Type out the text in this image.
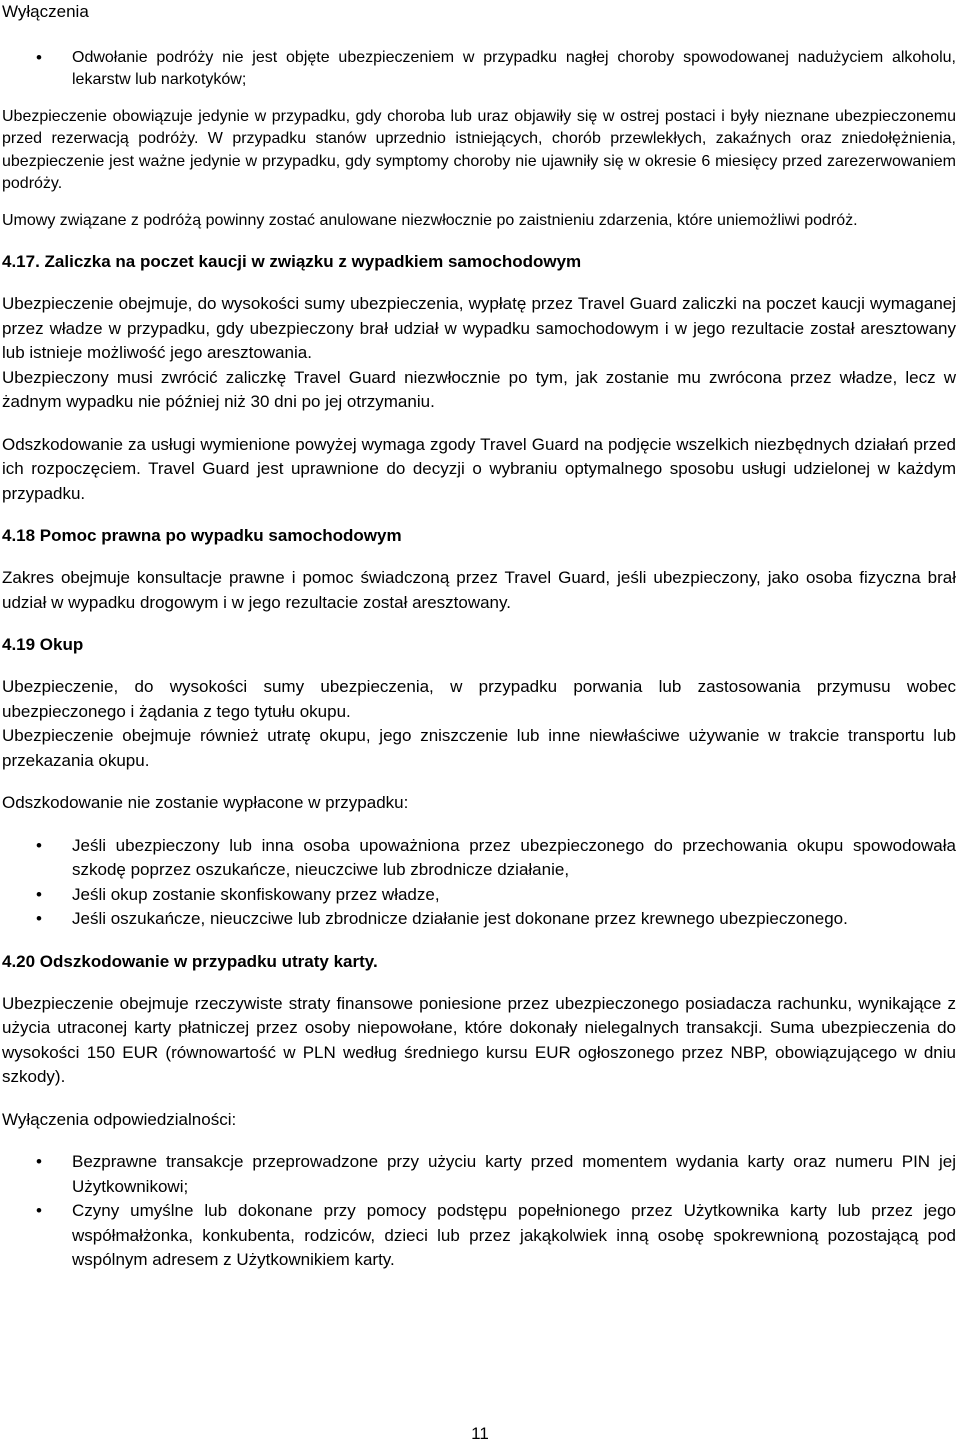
Wyłączenia
• Odwołanie podróży nie jest objęte ubezpieczeniem w przypadku nagłej choroby spowodowanej nadużyciem alkoholu, lekarstw lub narkotyków;

Ubezpieczenie obowiązuje jedynie w przypadku, gdy choroba lub uraz objawiły się w ostrej postaci i były nieznane ubezpieczonemu przed rezerwacją podróży. W przypadku stanów uprzednio istniejących, chorób przewlekłych, zakaźnych oraz zniedołężnienia, ubezpieczenie jest ważne jedynie w przypadku, gdy symptomy choroby nie ujawniły się w okresie 6 miesięcy przed zarezerwowaniem podróży.

Umowy związane z podróżą powinny zostać anulowane niezwłocznie po zaistnieniu zdarzenia, które uniemożliwi podróż.

4.17. Zaliczka na poczet kaucji w związku z wypadkiem samochodowym

Ubezpieczenie obejmuje, do wysokości sumy ubezpieczenia, wypłatę przez Travel Guard zaliczki na poczet kaucji wymaganej przez władze w przypadku, gdy ubezpieczony brał udział w wypadku samochodowym i w jego rezultacie został aresztowany lub istnieje możliwość jego aresztowania.

Ubezpieczony musi zwrócić zaliczkę Travel Guard niezwłocznie po tym, jak zostanie mu zwrócona przez władze, lecz w żadnym wypadku nie później niż 30 dni po jej otrzymaniu.

Odszkodowanie za usługi wymienione powyżej wymaga zgody Travel Guard na podjęcie wszelkich niezbędnych działań przed ich rozpoczęciem. Travel Guard jest uprawnione do decyzji o wybraniu optymalnego sposobu usługi udzielonej w każdym przypadku.

4.18 Pomoc prawna po wypadku samochodowym

Zakres obejmuje konsultacje prawne i pomoc świadczoną przez Travel Guard, jeśli ubezpieczony, jako osoba fizyczna brał udział w wypadku drogowym i w jego rezultacie został aresztowany.

4.19 Okup

Ubezpieczenie, do wysokości sumy ubezpieczenia, w przypadku porwania lub zastosowania przymusu wobec ubezpieczonego i żądania z tego tytułu okupu.

Ubezpieczenie obejmuje również utratę okupu, jego zniszczenie lub inne niewłaściwe używanie w trakcie transportu lub przekazania okupu.

Odszkodowanie nie zostanie wypłacone w przypadku:

• Jeśli ubezpieczony lub inna osoba upoważniona przez ubezpieczonego do przechowania okupu spowodowała szkodę poprzez oszukańcze, nieuczciwe lub zbrodnicze działanie,
• Jeśli okup zostanie skonfiskowany przez władze,
• Jeśli oszukańcze, nieuczciwe lub zbrodnicze działanie jest dokonane przez krewnego ubezpieczonego.
4.20 Odszkodowanie w przypadku utraty karty.

Ubezpieczenie obejmuje rzeczywiste straty finansowe poniesione przez ubezpieczonego posiadacza rachunku, wynikające z użycia utraconej karty płatniczej przez osoby niepowołane, które dokonały nielegalnych transakcji. Suma ubezpieczenia do wysokości 150 EUR (równowartość w PLN według średniego kursu EUR ogłoszonego przez NBP, obowiązującego w dniu szkody).

Wyłączenia odpowiedzialności:

• Bezprawne transakcje przeprowadzone przy użyciu karty przed momentem wydania karty oraz numeru PIN jej Użytkownikowi;
• Czyny umyślne lub dokonane przy pomocy podstępu popełnionego przez Użytkownika karty lub przez jego współmałżonka, konkubenta, rodziców, dzieci lub przez jakąkolwiek inną osobę spokrewnioną pozostającą pod wspólnym adresem z Użytkownikiem karty.
11
